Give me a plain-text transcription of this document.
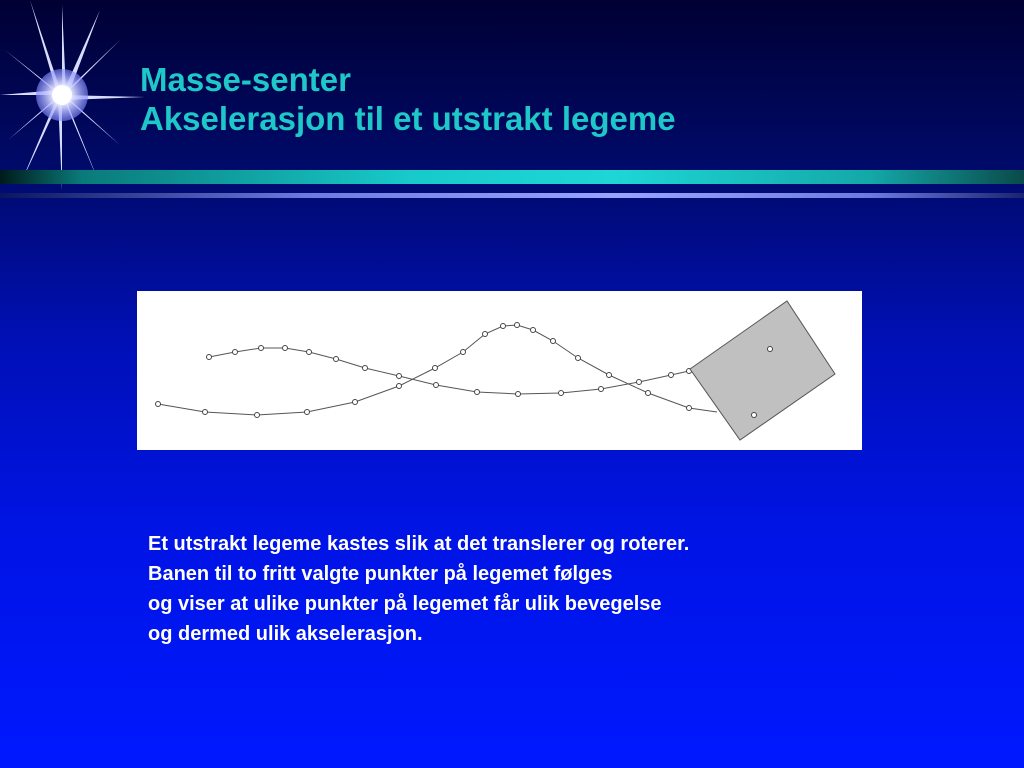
Masse-senter
Akselerasjon til et utstrakt legeme
Et utstrakt legeme kastes slik at det translerer og roterer.
Banen til to fritt valgte punkter på legemet følges
og viser at ulike punkter på legemet får ulik bevegelse
og dermed ulik akselerasjon.
